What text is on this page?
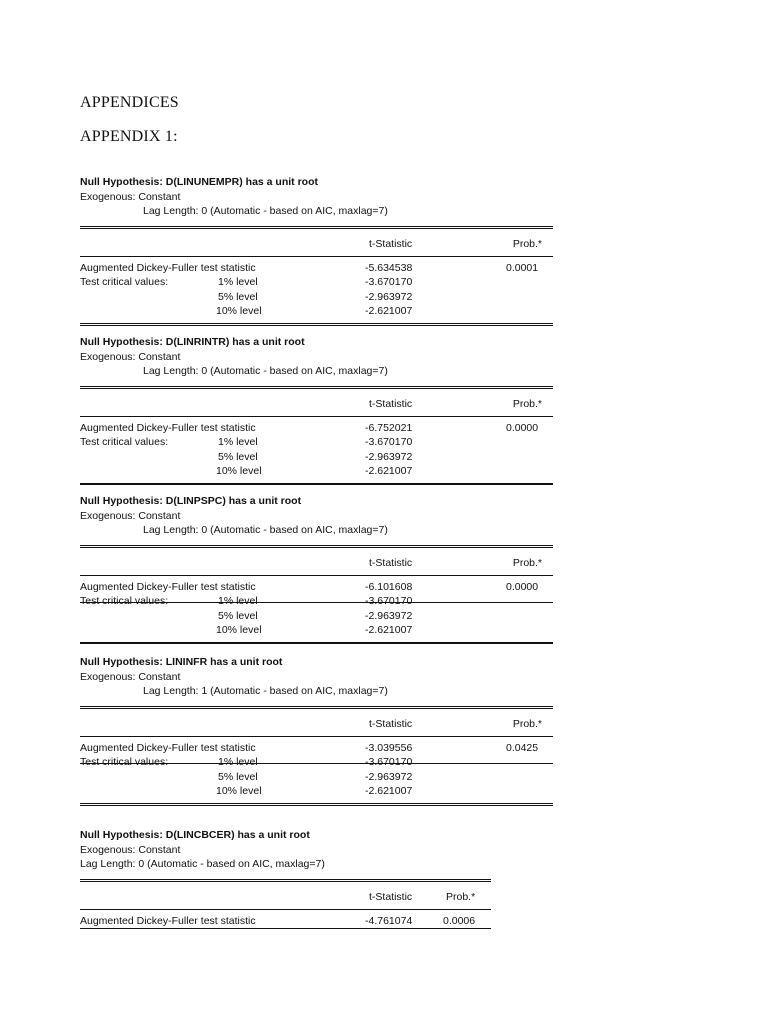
APPENDICES
APPENDIX 1:
Null Hypothesis: D(LINUNEMPR) has a unit root
Exogenous: Constant
Lag Length: 0 (Automatic - based on AIC, maxlag=7)
t-Statistic	Prob.*
Augmented Dickey-Fuller test statistic	-5.634538	0.0001
Test critical values:	1% level	-3.670170
5% level	-2.963972
10% level	-2.621007
Null Hypothesis: D(LINRINTR) has a unit root
Exogenous: Constant
Lag Length: 0 (Automatic - based on AIC, maxlag=7)
t-Statistic	Prob.*
Augmented Dickey-Fuller test statistic	-6.752021	0.0000
Test critical values:	1% level	-3.670170
5% level	-2.963972
10% level	-2.621007
Null Hypothesis: D(LINPSPC) has a unit root
Exogenous: Constant
Lag Length: 0 (Automatic - based on AIC, maxlag=7)
t-Statistic	Prob.*
Augmented Dickey-Fuller test statistic	-6.101608	0.0000
Test critical values:	1% level	-3.670170
5% level	-2.963972
10% level	-2.621007
Null Hypothesis: LININFR has a unit root
Exogenous: Constant
Lag Length: 1 (Automatic - based on AIC, maxlag=7)
t-Statistic	Prob.*
Augmented Dickey-Fuller test statistic	-3.039556	0.0425
Test critical values:	1% level	-3.670170
5% level	-2.963972
10% level	-2.621007
Null Hypothesis: D(LINCBCER) has a unit root
Exogenous: Constant
Lag Length: 0 (Automatic - based on AIC, maxlag=7)
t-Statistic	Prob.*
Augmented Dickey-Fuller test statistic	-4.761074	0.0006
